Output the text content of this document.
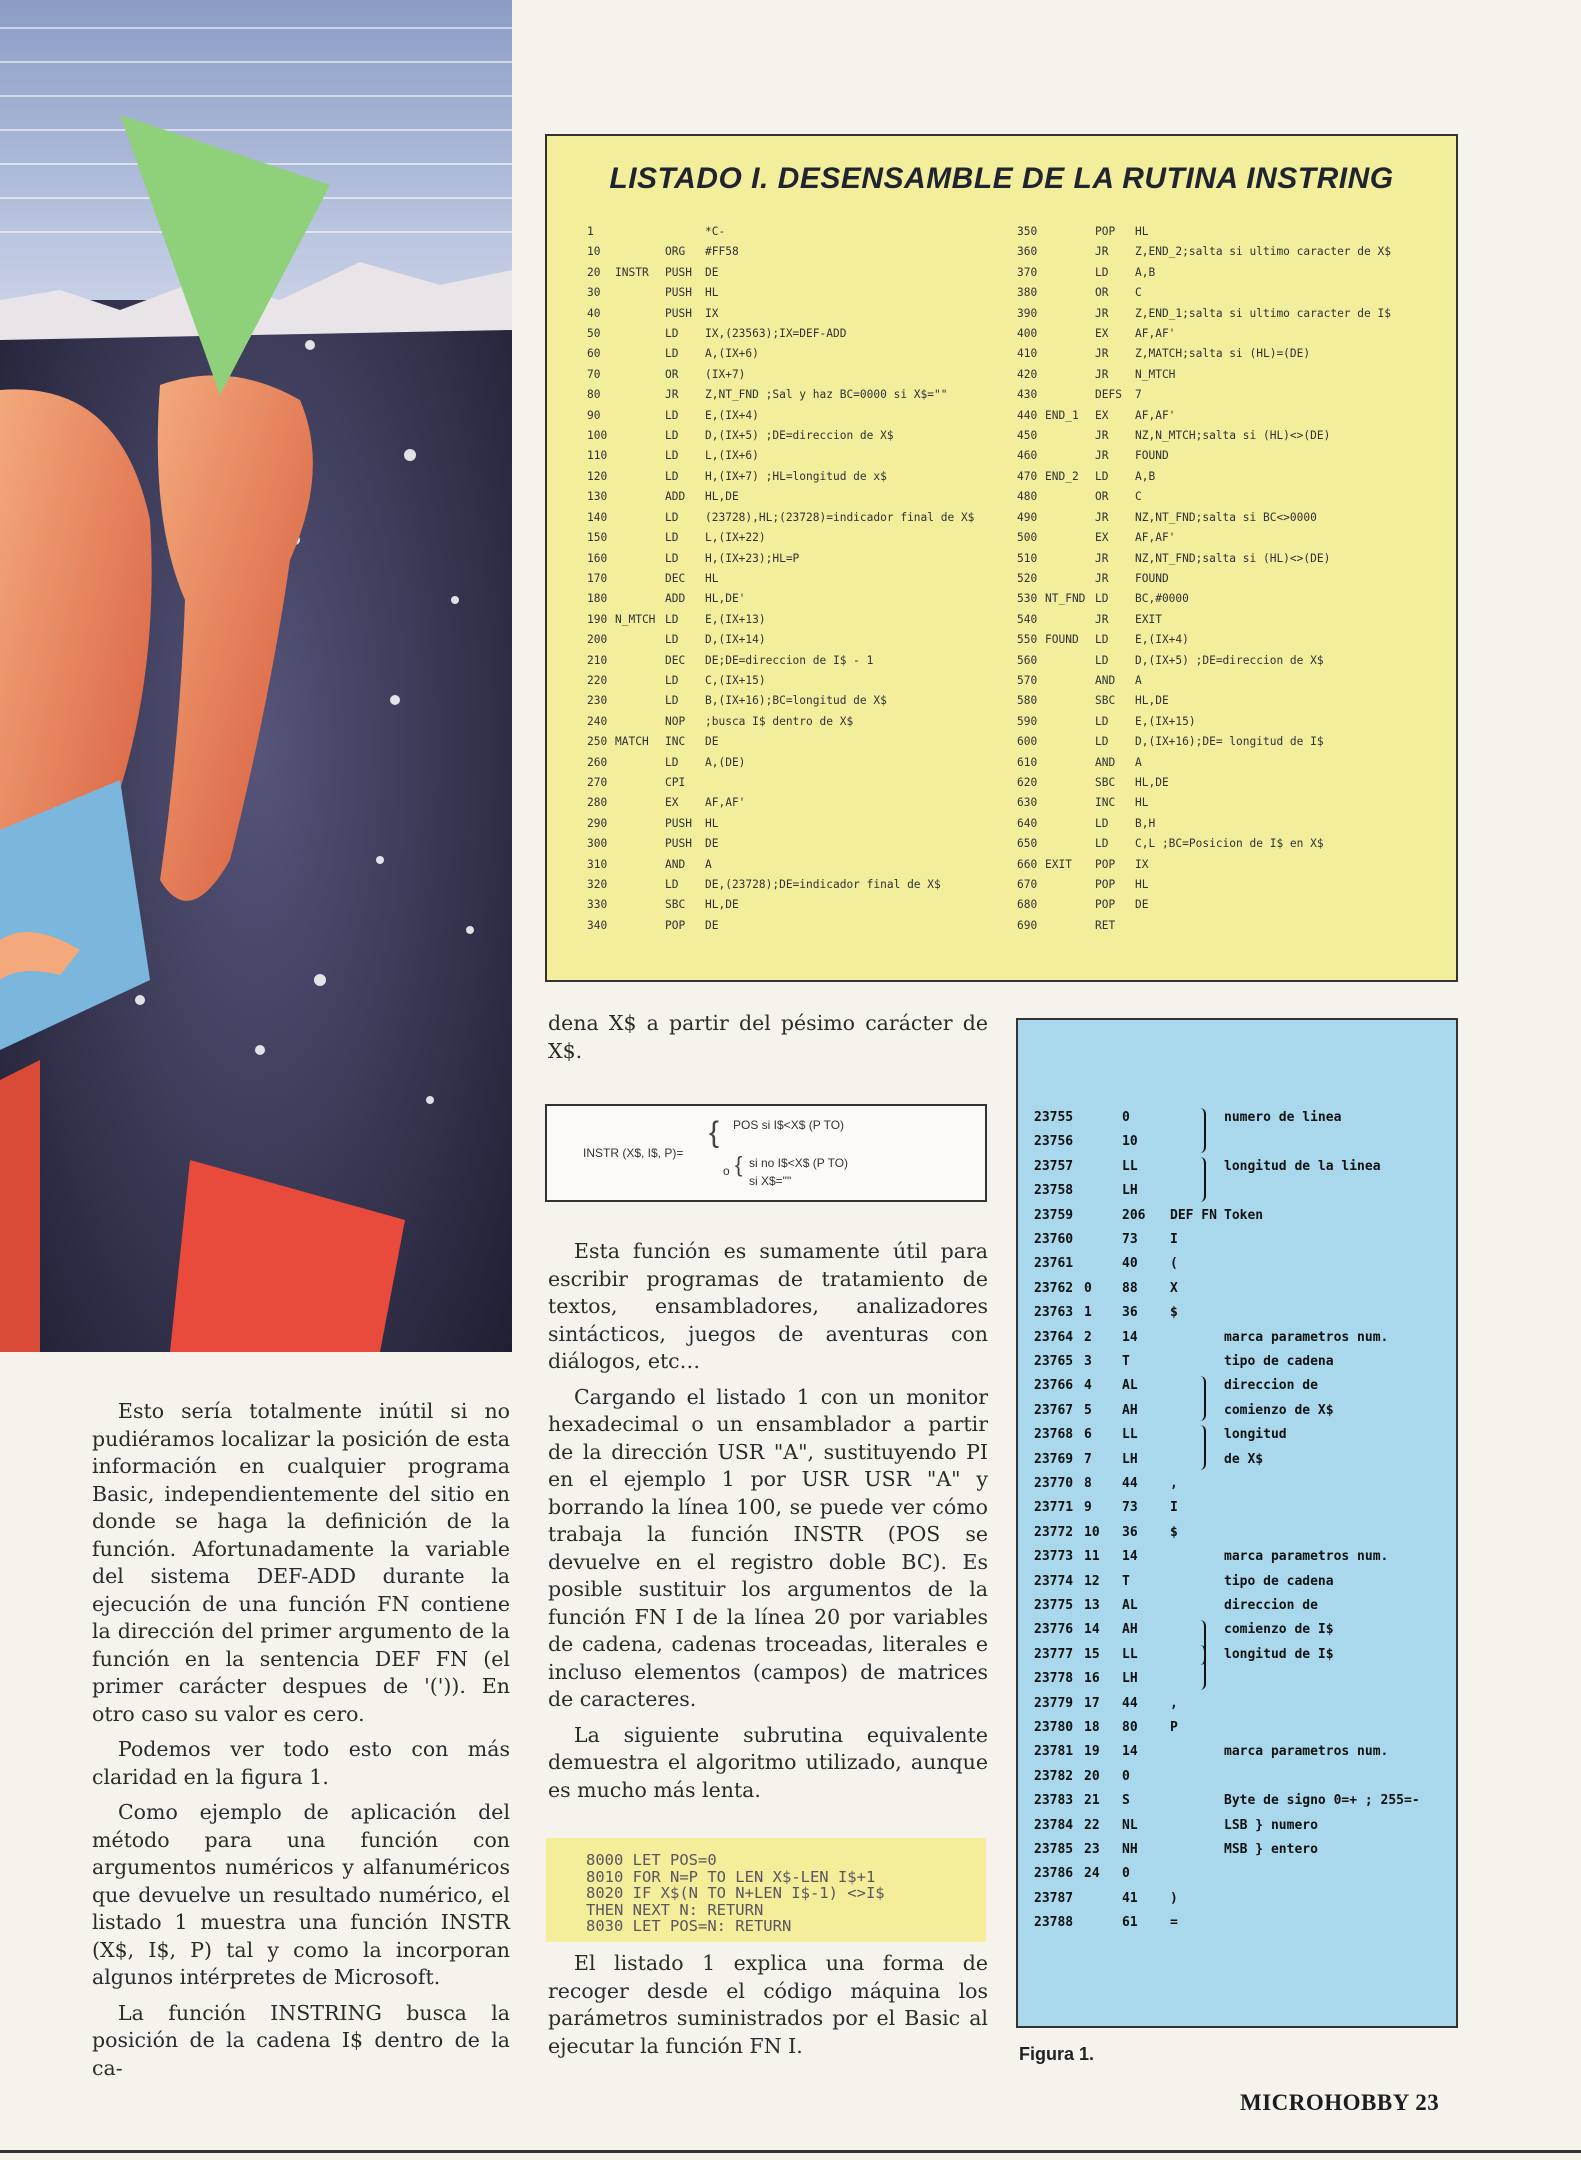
LISTADO I. DESENSAMBLE DE LA RUTINA INSTRING
1	*C-
10	ORG #FF58
20 INSTR PUSH DE
30	PUSH HL
40	PUSH IX
50	LD IX,(23563);IX=DEF-ADD
60	LD A,(IX+6)
70	OR (IX+7)
80	JR Z,NT_FND ;Sal y haz BC=0000 si X$=""
90	LD E,(IX+4)
100	LD D,(IX+5) ;DE=direccion de X$
110	LD L,(IX+6)
120	LD H,(IX+7) ;HL=longitud de x$
130	ADD HL,DE
140	LD (23728),HL;(23728)=indicador final de X$
150	LD L,(IX+22)
160	LD H,(IX+23);HL=P
170	DEC HL
180	ADD HL,DE'
190 N_MTCH LD E,(IX+13)
200	LD D,(IX+14)
210	DEC DE;DE=direccion de I$ - 1
220	LD C,(IX+15)
230	LD B,(IX+16);BC=longitud de X$
240	NOP ;busca I$ dentro de X$
250 MATCH INC DE
260	LD A,(DE)
270	CPI
280	EX AF,AF'
290	PUSH HL
300	PUSH DE
310	AND A
320	LD DE,(23728);DE=indicador final de X$
330	SBC HL,DE
340	POP DE
350	POP HL
360	JR Z,END_2;salta si ultimo caracter de X$
370	LD A,B
380	OR C
390	JR Z,END_1;salta si ultimo caracter de I$
400	EX AF,AF'
410	JR Z,MATCH;salta si (HL)=(DE)
420	JR N_MTCH
430	DEFS 7
440 END_1 EX AF,AF'
450	JR NZ,N_MTCH;salta si (HL)<>(DE)
460	JR FOUND
470 END_2 LD A,B
480	OR C
490	JR NZ,NT_FND;salta si BC<>0000
500	EX AF,AF'
510	JR NZ,NT_FND;salta si (HL)<>(DE)
520	JR FOUND
530 NT_FND LD BC,#0000
540	JR EXIT
550 FOUND LD E,(IX+4)
560	LD D,(IX+5) ;DE=direccion de X$
570	AND A
580	SBC HL,DE
590	LD E,(IX+15)
600	LD D,(IX+16);DE= longitud de I$
610	AND A
620	SBC HL,DE
630	INC HL
640	LD B,H
650	LD C,L ;BC=Posicion de I$ en X$
660 EXIT POP IX
670	POP HL
680	POP DE
690	RET

Esto sería totalmente inútil si no pudiéramos localizar la posición de esta información en cualquier programa Basic, independientemente del sitio en donde se haga la definición de la función. Afortunadamente la variable del sistema DEF-ADD durante la ejecución de una función FN contiene la dirección del primer argumento de la función en la sentencia DEF FN (el primer carácter despues de '(')). En otro caso su valor es cero.

Podemos ver todo esto con más claridad en la figura 1.

Como ejemplo de aplicación del método para una función con argumentos numéricos y alfanuméricos que devuelve un resultado numérico, el listado 1 muestra una función INSTR (X$, I$, P) tal y como la incorporan algunos intérpretes de Microsoft.

La función INSTRING busca la posición de la cadena I$ dentro de la ca-

dena X$ a partir del pésimo carácter de X$.

INSTR (X$, I$, P)=
{ POS si I$<X$ (P TO)
o { si no I$<X$ (P TO)
si X$=""

Esta función es sumamente útil para escribir programas de tratamiento de textos, ensambladores, analizadores sintácticos, juegos de aventuras con diálogos, etc…

Cargando el listado 1 con un monitor hexadecimal o un ensamblador a partir de la dirección USR "A", sustituyendo PI en el ejemplo 1 por USR USR "A" y borrando la línea 100, se puede ver cómo trabaja la función INSTR (POS se devuelve en el registro doble BC). Es posible sustituir los argumentos de la función FN I de la línea 20 por variables de cadena, cadenas troceadas, literales e incluso elementos (campos) de matrices de caracteres.

La siguiente subrutina equivalente demuestra el algoritmo utilizado, aunque es mucho más lenta.

8000 LET POS=0
8010 FOR N=P TO LEN X$-LEN I$+1
8020 IF X$(N TO N+LEN I$-1) <>I$
THEN NEXT N: RETURN
8030 LET POS=N: RETURN

El listado 1 explica una forma de recoger desde el código máquina los parámetros suministrados por el Basic al ejecutar la función FN I.

23755	0	numero de linea
23756	10
23757	LL	longitud de la linea
23758	LH
23759	206 DEF FN Token
23760	73 I
23761	40 (
23762 0 88 X
23763 1 36 $
23764 2 14	marca parametros num.
23765 3 T	tipo de cadena
23766 4 AL	direccion de
23767 5 AH	comienzo de X$
23768 6 LL	longitud
23769 7 LH	de X$
23770 8 44 ,
23771 9 73 I
23772 10 36 $
23773 11 14	marca parametros num.
23774 12 T	tipo de cadena
23775 13 AL	direccion de
23776 14 AH	comienzo de I$
23777 15 LL	longitud de I$
23778 16 LH
23779 17 44 ,
23780 18 80 P
23781 19 14	marca parametros num.
23782 20 0
23783 21 S	Byte de signo 0=+ ; 255=-
23784 22 NL	LSB } numero
23785 23 NH	MSB } entero
23786 24 0
23787	41 )
23788	61 =
Figura 1.
MICROHOBBY 23
